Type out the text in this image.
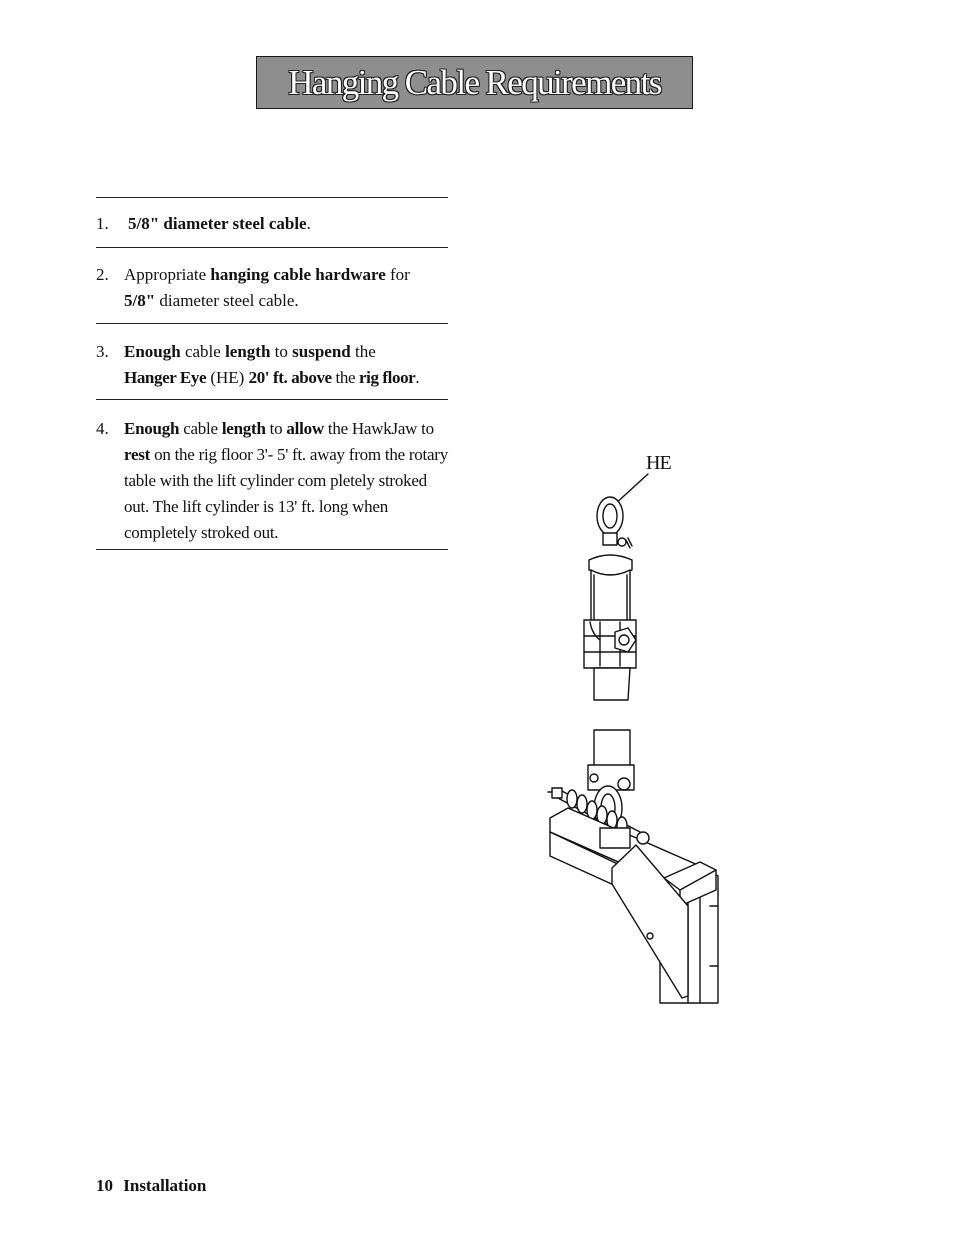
Hanging Cable Requirements
1. 5/8" diameter steel cable.
2. Appropriate hanging cable hardware for
5/8" diameter steel cable.
3. Enough cable length to suspend the
Hanger Eye (HE) 20' ft. above the rig floor.
4. Enough cable length to allow the HawkJaw to rest on the rig floor 3'- 5' ft. away from the rotary table with the lift cylinder com pletely stroked out. The lift cylinder is 13' ft. long when completely stroked out.
HE
10 Installation
